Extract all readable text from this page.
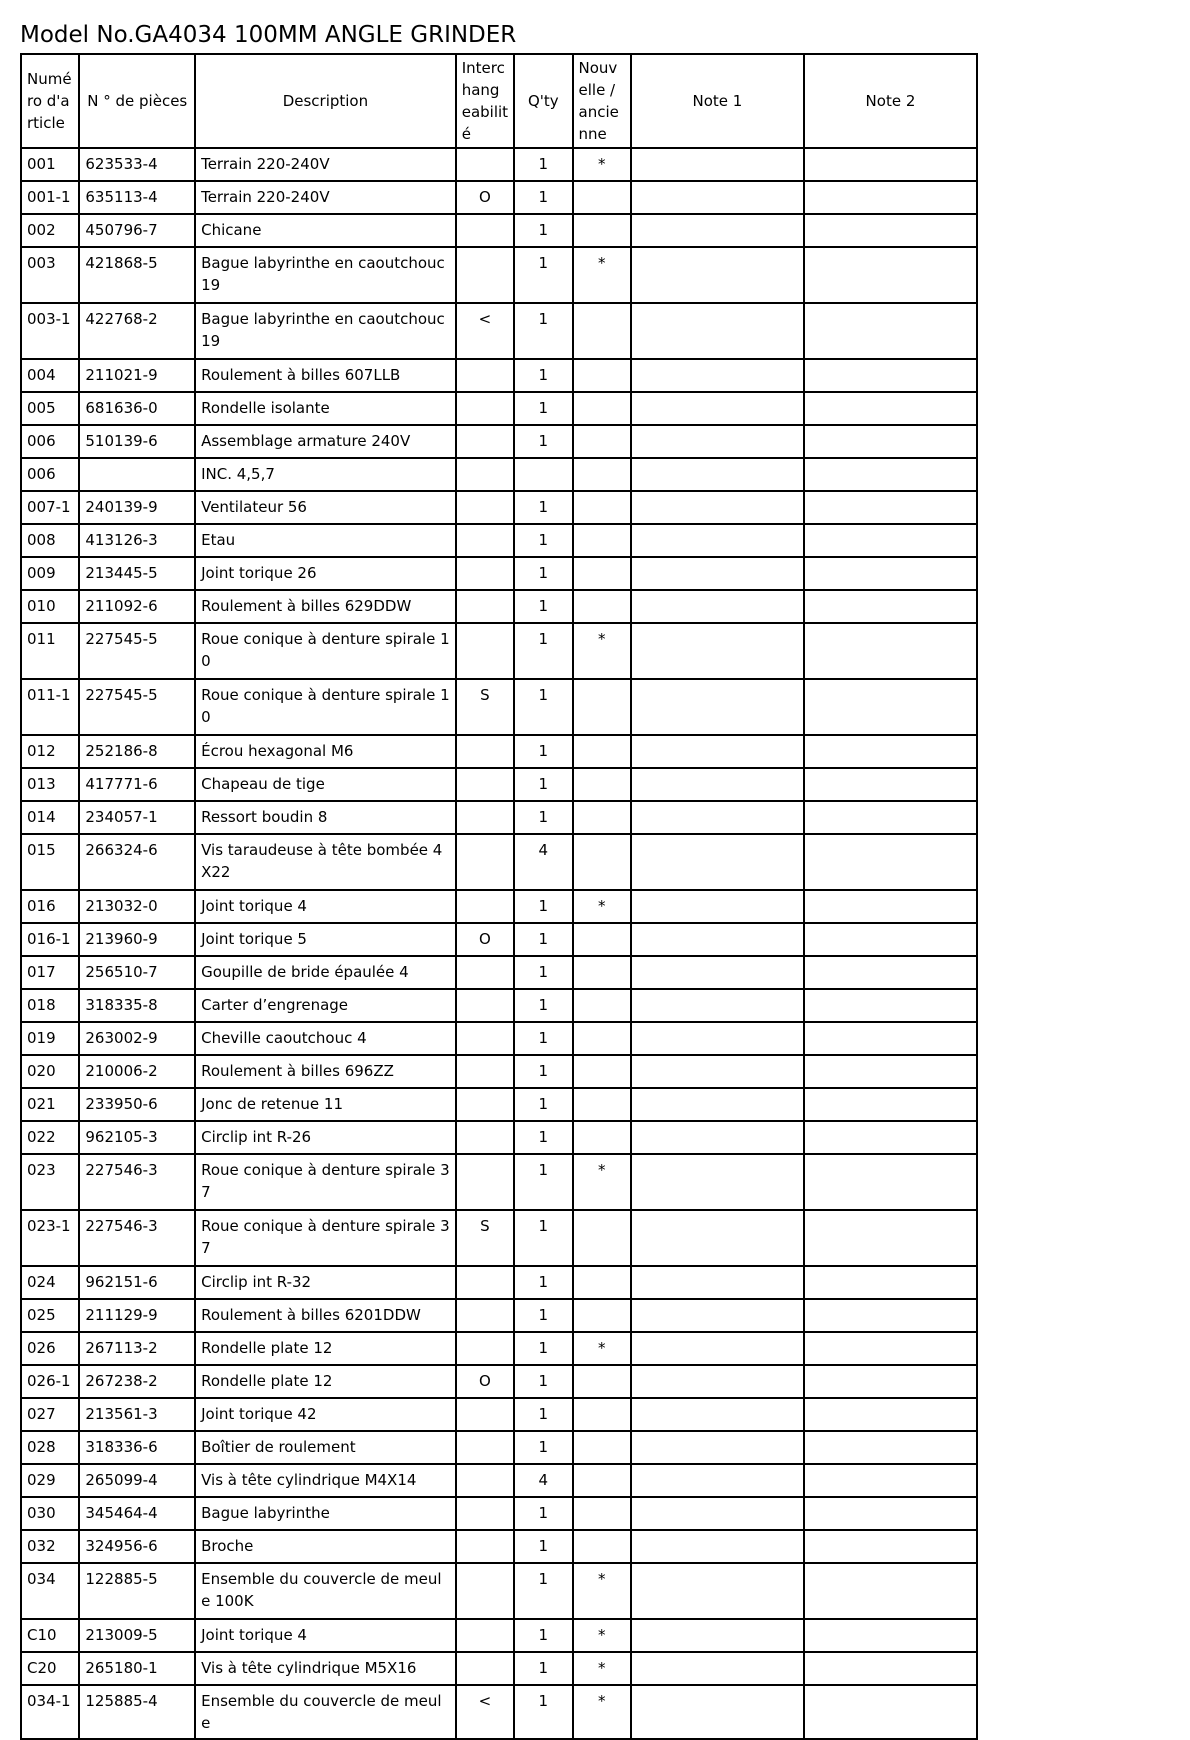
Model No.GA4034 100MM ANGLE GRINDER
Numéro d'article	N ° de pièces	Description	Interchangeabilité	Q'ty	Nouvelle / ancienne	Note 1	Note 2
001	623533-4	Terrain 220-240V		1	*		
001-1	635113-4	Terrain 220-240V	O	1			
002	450796-7	Chicane		1			
003	421868-5	Bague labyrinthe en caoutchouc 19		1	*		
003-1	422768-2	Bague labyrinthe en caoutchouc 19	<	1			
004	211021-9	Roulement à billes 607LLB		1			
005	681636-0	Rondelle isolante		1			
006	510139-6	Assemblage armature 240V		1			
006		INC. 4,5,7					
007-1	240139-9	Ventilateur 56		1			
008	413126-3	Etau		1			
009	213445-5	Joint torique 26		1			
010	211092-6	Roulement à billes 629DDW		1			
011	227545-5	Roue conique à denture spirale 10		1	*		
011-1	227545-5	Roue conique à denture spirale 10	S	1			
012	252186-8	Écrou hexagonal M6		1			
013	417771-6	Chapeau de tige		1			
014	234057-1	Ressort boudin 8		1			
015	266324-6	Vis taraudeuse à tête bombée 4X22		4			
016	213032-0	Joint torique 4		1	*		
016-1	213960-9	Joint torique 5	O	1			
017	256510-7	Goupille de bride épaulée 4		1			
018	318335-8	Carter d’engrenage		1			
019	263002-9	Cheville caoutchouc 4		1			
020	210006-2	Roulement à billes 696ZZ		1			
021	233950-6	Jonc de retenue 11		1			
022	962105-3	Circlip int R-26		1			
023	227546-3	Roue conique à denture spirale 37		1	*		
023-1	227546-3	Roue conique à denture spirale 37	S	1			
024	962151-6	Circlip int R-32		1			
025	211129-9	Roulement à billes 6201DDW		1			
026	267113-2	Rondelle plate 12		1	*		
026-1	267238-2	Rondelle plate 12	O	1			
027	213561-3	Joint torique 42		1			
028	318336-6	Boîtier de roulement		1			
029	265099-4	Vis à tête cylindrique M4X14		4			
030	345464-4	Bague labyrinthe		1			
032	324956-6	Broche		1			
034	122885-5	Ensemble du couvercle de meule 100K		1	*		
C10	213009-5	Joint torique 4		1	*		
C20	265180-1	Vis à tête cylindrique M5X16		1	*		
034-1	125885-4	Ensemble du couvercle de meule	<	1	*		
